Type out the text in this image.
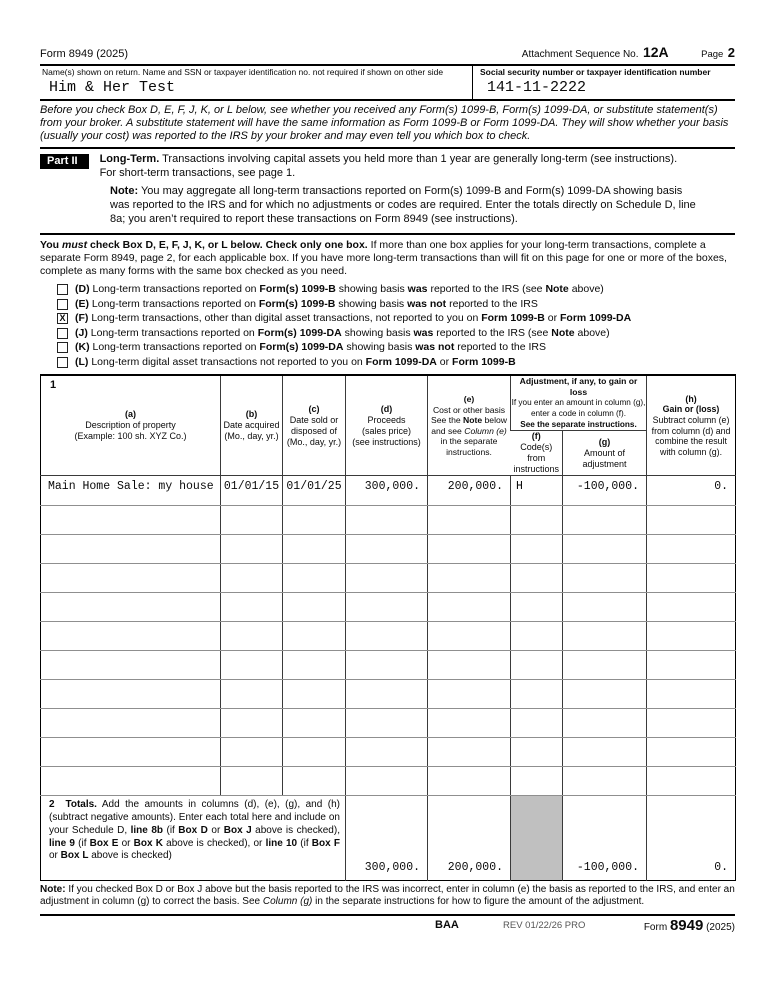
Form 8949 (2025)	Attachment Sequence No. 12A	Page 2
Name(s) shown on return. Name and SSN or taxpayer identification no. not required if shown on other side
Him & Her Test
Social security number or taxpayer identification number
141-11-2222
Before you check Box D, E, F, J, K, or L below, see whether you received any Form(s) 1099-B, Form(s) 1099-DA, or substitute statement(s) from your broker. A substitute statement will have the same information as Form 1099-B or Form 1099-DA. They will show whether your basis (usually your cost) was reported to the IRS by your broker and may even tell you which box to check.
Part II	Long-Term. Transactions involving capital assets you held more than 1 year are generally long-term (see instructions). For short-term transactions, see page 1.
Note: You may aggregate all long-term transactions reported on Form(s) 1099-B and Form(s) 1099-DA showing basis was reported to the IRS and for which no adjustments or codes are required. Enter the totals directly on Schedule D, line 8a; you aren’t required to report these transactions on Form 8949 (see instructions).
You must check Box D, E, F, J, K, or L below. Check only one box. If more than one box applies for your long-term transactions, complete a separate Form 8949, page 2, for each applicable box. If you have more long-term transactions than will fit on this page for one or more of the boxes, complete as many forms with the same box checked as you need.
(D) Long-term transactions reported on Form(s) 1099-B showing basis was reported to the IRS (see Note above)
(E) Long-term transactions reported on Form(s) 1099-B showing basis was not reported to the IRS
X (F) Long-term transactions, other than digital asset transactions, not reported to you on Form 1099-B or Form 1099-DA
(J) Long-term transactions reported on Form(s) 1099-DA showing basis was reported to the IRS (see Note above)
(K) Long-term transactions reported on Form(s) 1099-DA showing basis was not reported to the IRS
(L) Long-term digital asset transactions not reported to you on Form 1099-DA or Form 1099-B
1
(a)
Description of property
(Example: 100 sh. XYZ Co.)

(b)
Date acquired
(Mo., day, yr.)

(c)
Date sold or
disposed of
(Mo., day, yr.)

(d)
Proceeds
(sales price)
(see instructions)

(e)
Cost or other basis
See the Note below
and see Column (e)
in the separate
instructions.

Adjustment, if any, to gain or loss
If you enter an amount in column (g),
enter a code in column (f).
See the separate instructions.

(h)
Gain or (loss)
Subtract column (e)
from column (d) and
combine the result
with column (g).

(f)
Code(s) from
instructions

(g)
Amount of
adjustment

Main Home Sale: my house	01/01/15	01/01/25	300,000.	200,000.	H	-100,000.	0.

2  Totals. Add the amounts in columns (d), (e), (g), and (h) (subtract negative amounts). Enter each total here and include on your Schedule D, line 8b (if Box D or Box J above is checked), line 9 (if Box E or Box K above is checked), or line 10 (if Box F or Box L above is checked)			300,000.	200,000.		-100,000.	0.
Note: If you checked Box D or Box J above but the basis reported to the IRS was incorrect, enter in column (e) the basis as reported to the IRS, and enter an adjustment in column (g) to correct the basis. See Column (g) in the separate instructions for how to figure the amount of the adjustment.
BAA	REV 01/22/26 PRO	Form 8949 (2025)
